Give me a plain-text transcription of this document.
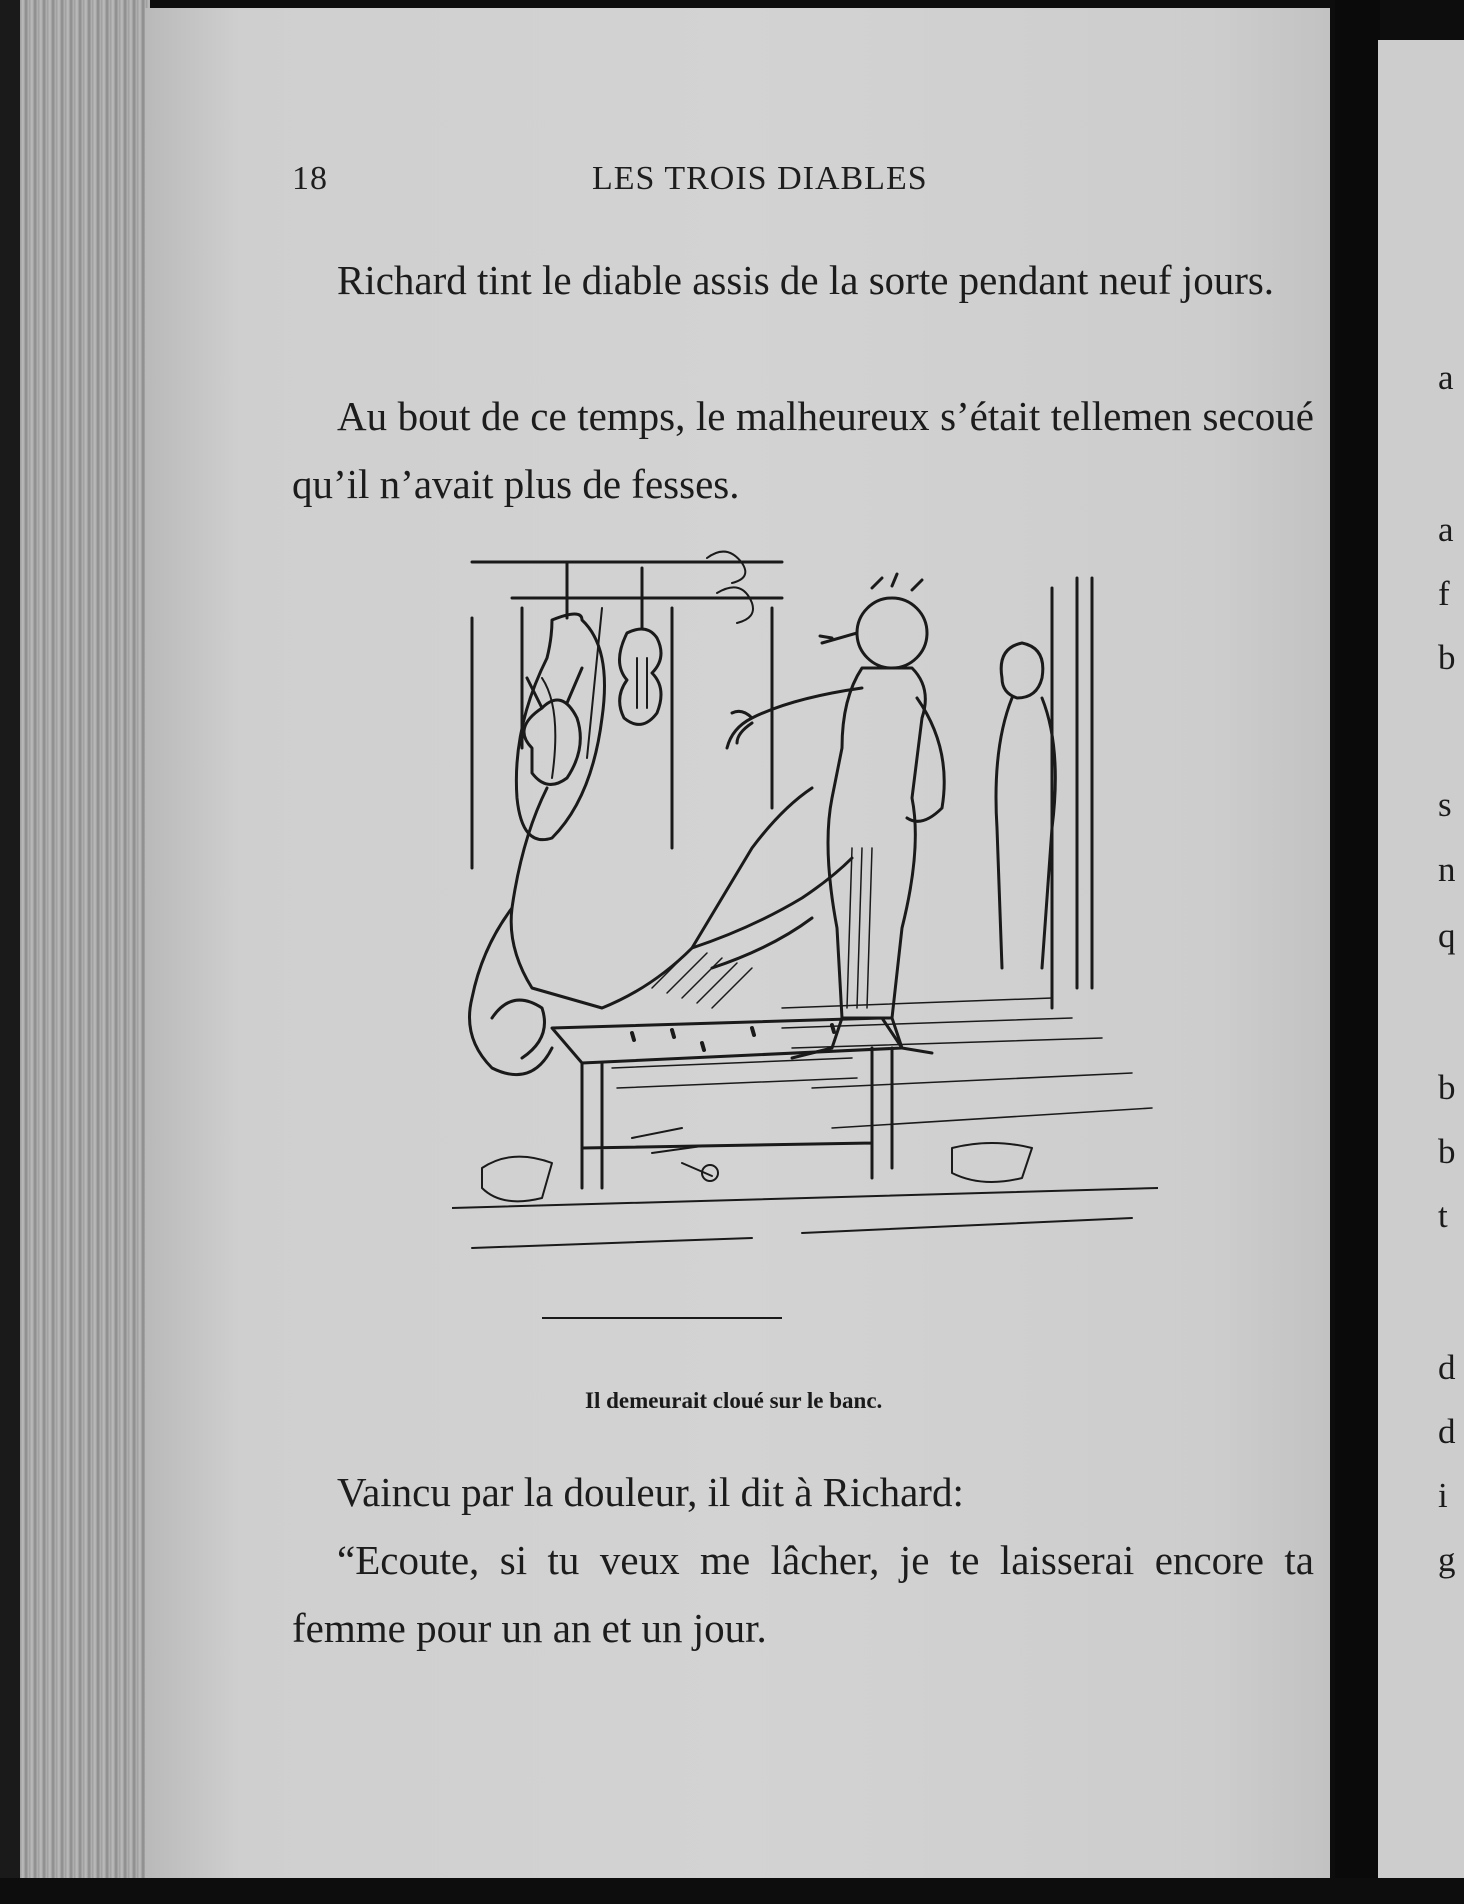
18	LES TROIS DIABLES

Richard tint le diable assis de la sorte pendant neuf jours.

Au bout de ce temps, le malheureux s’était tellemen secoué qu’il n’avait plus de fesses.

Il demeurait cloué sur le banc.

Vaincu par la douleur, il dit à Richard:

“Ecoute, si tu veux me lâcher, je te laisserai encore ta femme pour un an et un jour.

a
a
f
b
s
n
q
b
b
t
d
d
i
g
